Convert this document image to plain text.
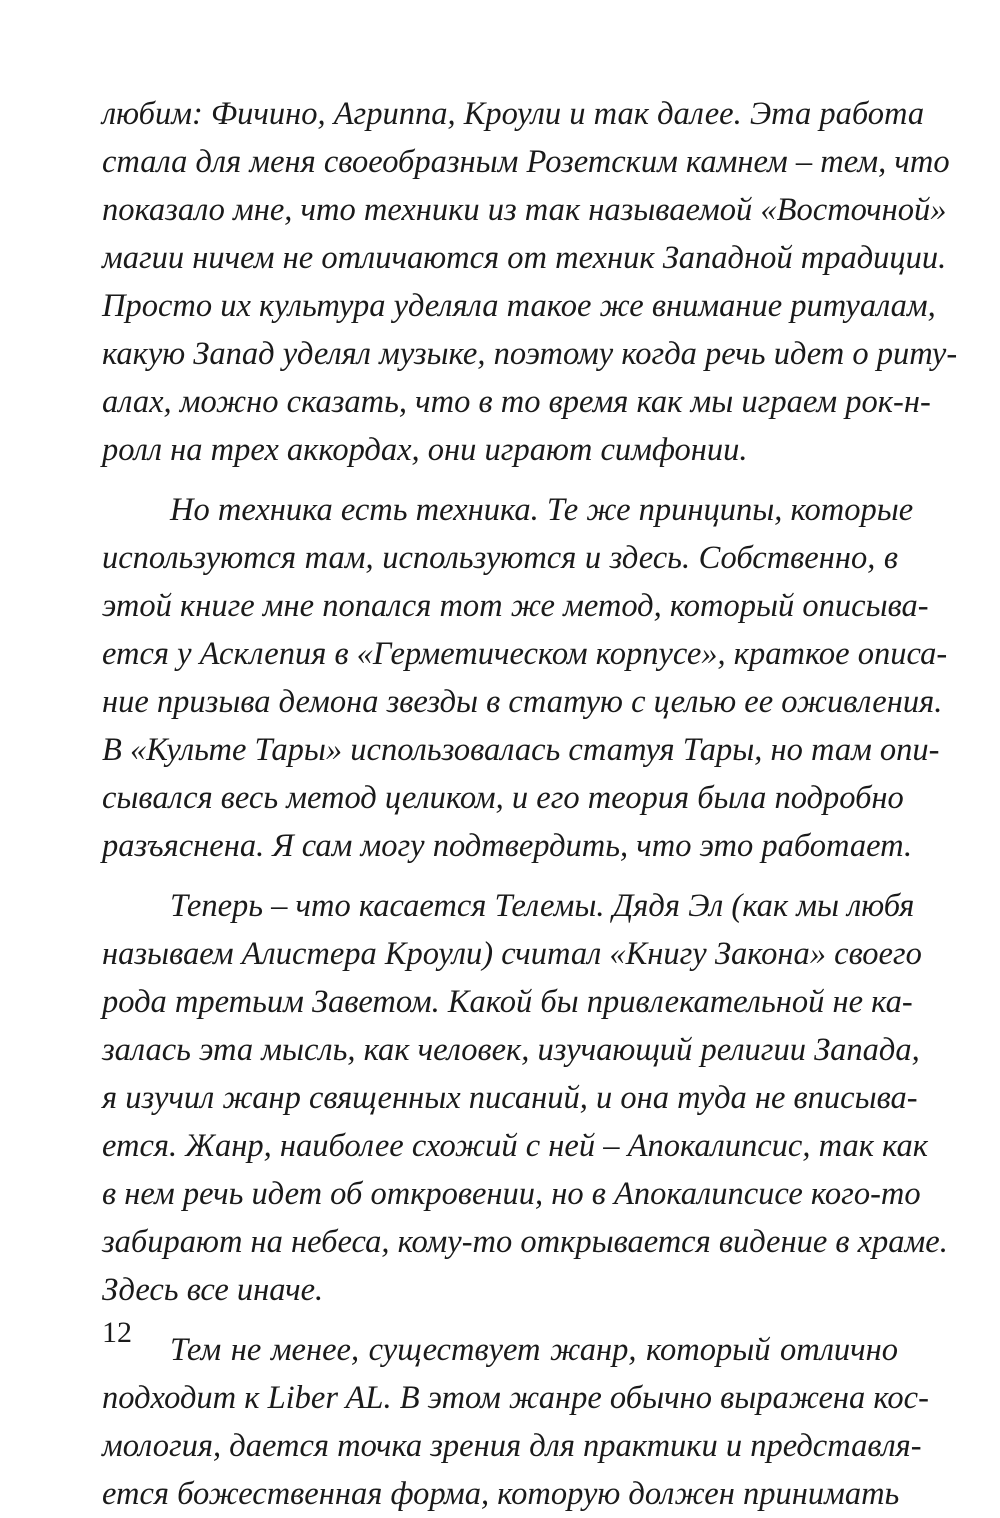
любим: Фичино, Агриппа, Кроули и так далее. Эта работа
стала для меня своеобразным Розетским камнем – тем, что
показало мне, что техники из так называемой «Восточной»
магии ничем не отличаются от техник Западной традиции.
Просто их культура уделяла такое же внимание ритуалам,
какую Запад уделял музыке, поэтому когда речь идет о риту-
алах, можно сказать, что в то время как мы играем рок-н-
ролл на трех аккордах, они играют симфонии.
Но техника есть техника. Те же принципы, которые
используются там, используются и здесь. Собственно, в
этой книге мне попался тот же метод, который описыва-
ется у Асклепия в «Герметическом корпусе», краткое описа-
ние призыва демона звезды в статую с целью ее оживления.
В «Культе Тары» использовалась статуя Тары, но там опи-
сывался весь метод целиком, и его теория была подробно
разъяснена. Я сам могу подтвердить, что это работает.
Теперь – что касается Телемы. Дядя Эл (как мы любя
называем Алистера Кроули) считал «Книгу Закона» своего
рода третьим Заветом. Какой бы привлекательной не ка-
залась эта мысль, как человек, изучающий религии Запада,
я изучил жанр священных писаний, и она туда не вписыва-
ется. Жанр, наиболее схожий с ней – Апокалипсис, так как
в нем речь идет об откровении, но в Апокалипсисе кого-то
забирают на небеса, кому-то открывается видение в храме.
Здесь все иначе.
Тем не менее, существует жанр, который отлично
подходит к Liber AL. В этом жанре обычно выражена кос-
мология, дается точка зрения для практики и представля-
ется божественная форма, которую должен принимать
12
